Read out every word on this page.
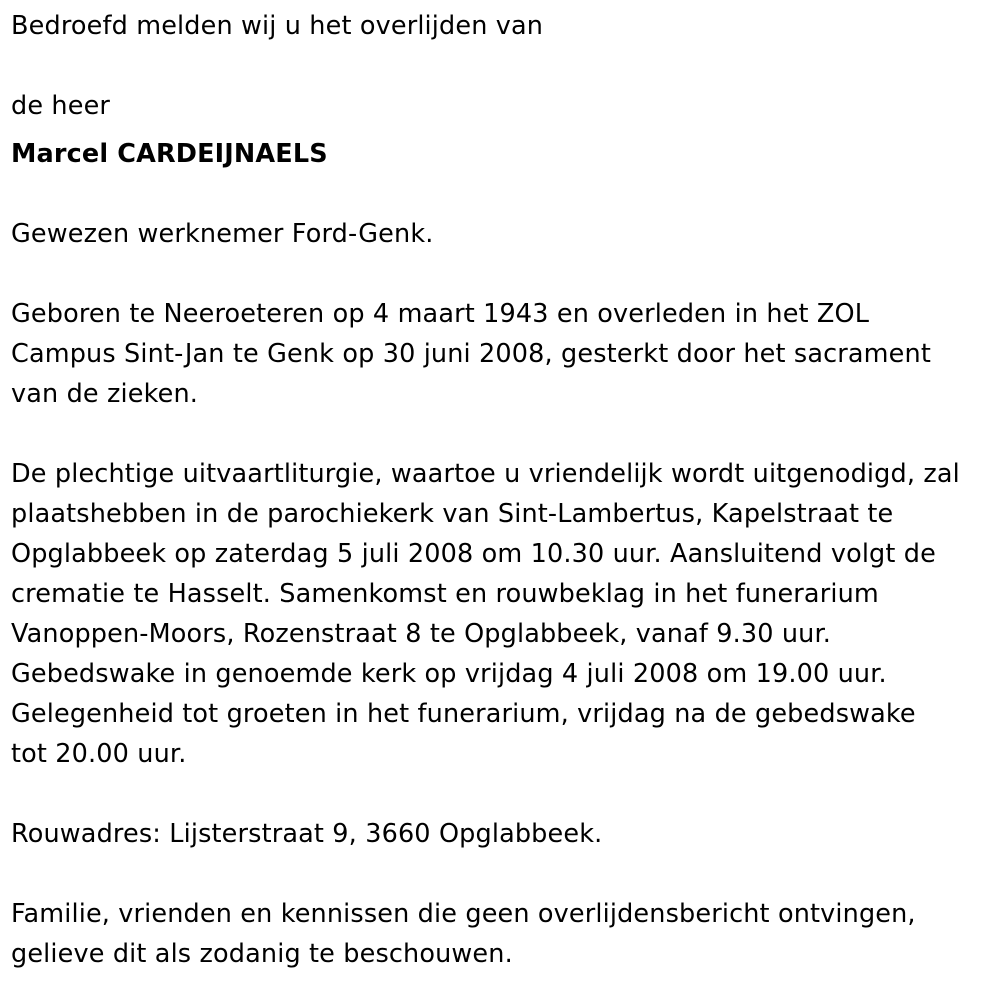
Bedroefd melden wij u het overlijden van

de heer

Marcel CARDEIJNAELS

Gewezen werknemer Ford-Genk.

Geboren te Neeroeteren op 4 maart 1943 en overleden in het ZOL

Campus Sint-Jan te Genk op 30 juni 2008, gesterkt door het sacrament

van de zieken.

De plechtige uitvaartliturgie, waartoe u vriendelijk wordt uitgenodigd, zal

plaatshebben in de parochiekerk van Sint-Lambertus, Kapelstraat te

Opglabbeek op zaterdag 5 juli 2008 om 10.30 uur. Aansluitend volgt de

crematie te Hasselt. Samenkomst en rouwbeklag in het funerarium

Vanoppen-Moors, Rozenstraat 8 te Opglabbeek, vanaf 9.30 uur.

Gebedswake in genoemde kerk op vrijdag 4 juli 2008 om 19.00 uur.

Gelegenheid tot groeten in het funerarium, vrijdag na de gebedswake

tot 20.00 uur.

Rouwadres: Lijsterstraat 9, 3660 Opglabbeek.

Familie, vrienden en kennissen die geen overlijdensbericht ontvingen,

gelieve dit als zodanig te beschouwen.
